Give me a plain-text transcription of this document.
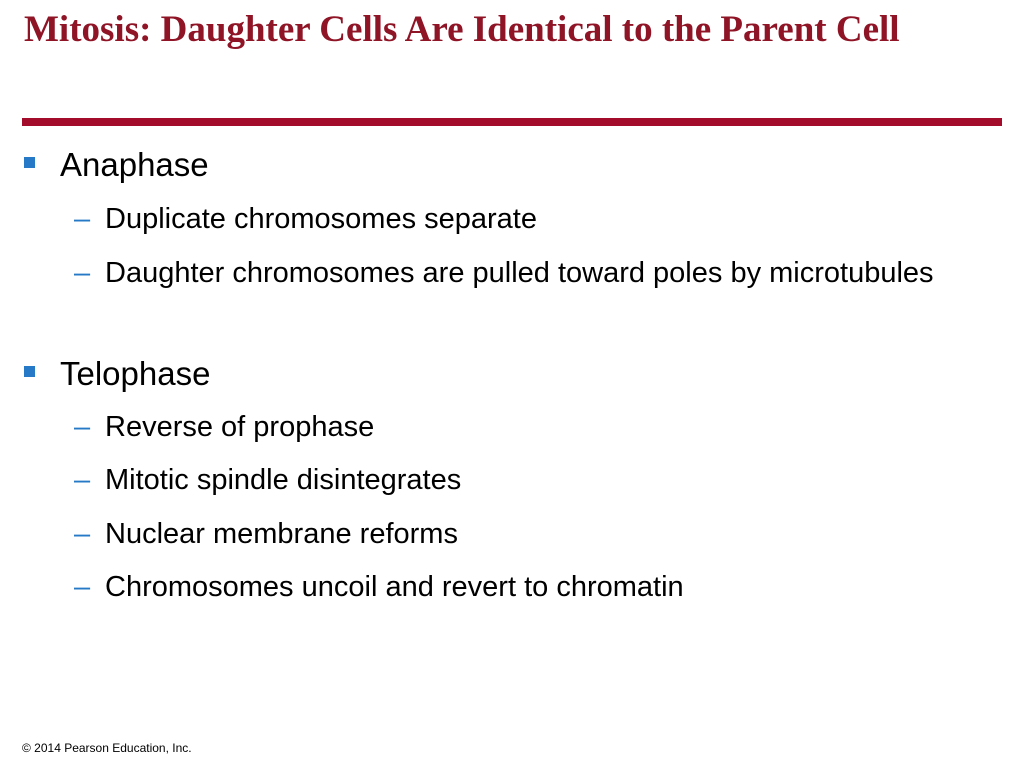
Mitosis: Daughter Cells Are Identical to the Parent Cell
Anaphase
– Duplicate chromosomes separate
– Daughter chromosomes are pulled toward poles by microtubules
Telophase
– Reverse of prophase
– Mitotic spindle disintegrates
– Nuclear membrane reforms
– Chromosomes uncoil and revert to chromatin
© 2014 Pearson Education, Inc.
